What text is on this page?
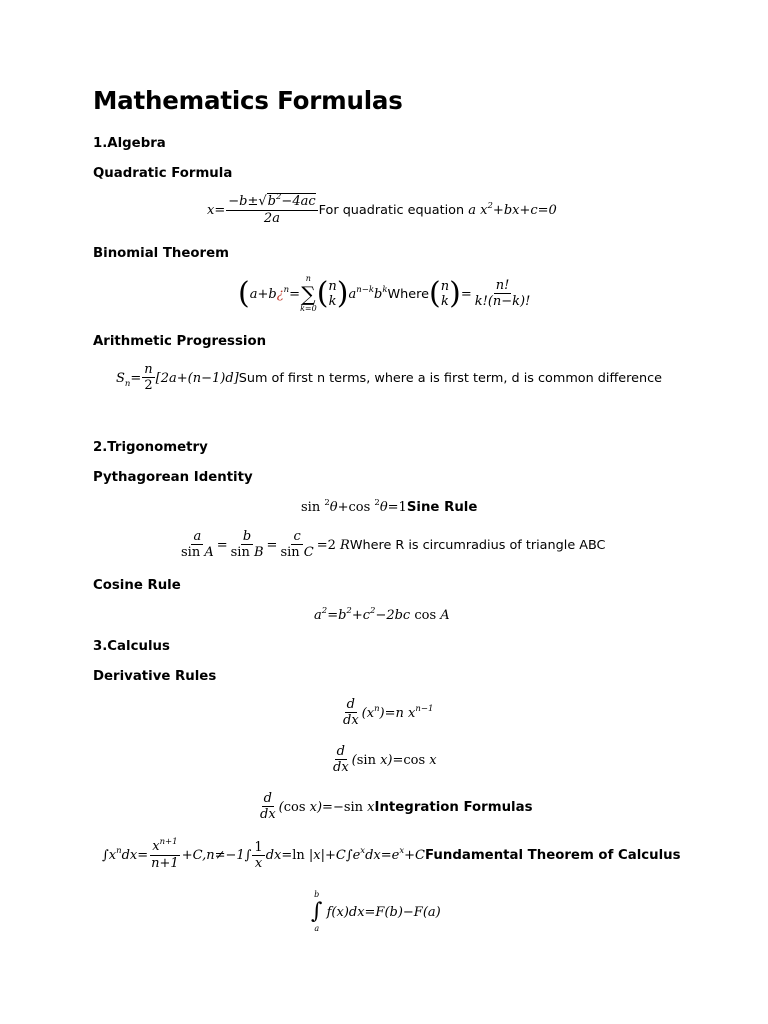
Mathematics Formulas
1.Algebra
Quadratic Formula
$x = \frac{-b\pm√b^2-4ac}{2a}$ For quadratic equation a $x^2+bx+c=0$
Binomial Theorem
( a+b¿$^n$=
n
∑
k=0 ( n
k ) $a^{n-k}b^k$ Where ( n
k ) = $\frac{n!}{k!(n-k)!}$
Arithmetic Progression
$S_n= \frac{n}{2} [2a+(n-1)d]$ Sum of first n terms, where a is first term, d is common difference
2.Trigonometry
Pythagorean Identity
sin $^2$θ+cos $^2$θ=1 Sine Rule
$\frac{a}{\text{sin A}} = \frac{b}{\text{sin B}} = \frac{c}{\text{sin C}} =2$ R Where R is circumradius of triangle ABC
Cosine Rule
$a^2=b^2+c^2-2bc$ cos A
3.Calculus
Derivative Rules
$\frac{d}{dx} (x^n)=n$ $x^{n-1}$
$\frac{d}{dx} (\sin$ x)=cos x
$\frac{d}{dx} (\cos$ x)=−sin x Integration Formulas
$\int x^ndx= \frac{x^{n+1}}{n+1} +C,n\ne-1\int \frac{1}{x} dx=\ln$ $|x|+C\int e^xdx=e^x+C$ Fundamental Theorem of Calculus
b
∫
a
f(x)dx=F(b)−F(a)
